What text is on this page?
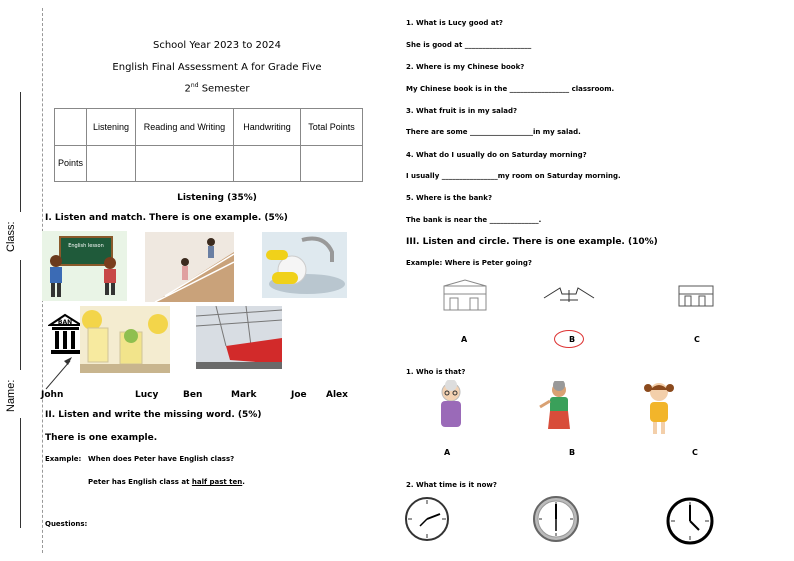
Class:
Name:
School Year 2023 to 2024
English Final Assessment A for Grade Five
2nd Semester
	Listening	Reading and Writing	Handwriting	Total Points
Points				
Listening (35%)
I. Listen and match. There is one example. (5%)
English lesson
BAN
John	Lucy	Ben	Mark	Joe Alex
II. Listen and write the missing word. (5%)
There is one example.
Example: When does Peter have English class?
Peter has English class at half past ten.
Questions:
1. What is Lucy good at?
She is good at ___________________
2. Where is my Chinese book?
My Chinese book is in the _________________ classroom.
3. What fruit is in my salad?
There are some __________________in my salad.
4. What do I usually do on Saturday morning?
I usually ________________my room on Saturday morning.
5. Where is the bank?
The bank is near the ______________.
III. Listen and circle. There is one example. (10%)
Example: Where is Peter going?
A	B	C
1. Who is that?
A	B	C
2. What time is it now?
